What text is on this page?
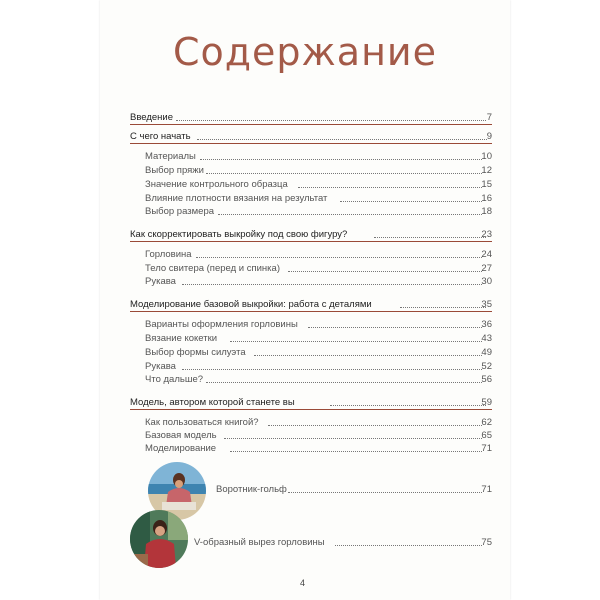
Содержание
Введение	7
С чего начать	9
Материалы	10
Выбор пряжи	12
Значение контрольного образца	15
Влияние плотности вязания на результат	16
Выбор размера	18
Как скорректировать выкройку под свою фигуру?	23
Горловина	24
Тело свитера (перед и спинка)	27
Рукава	30
Моделирование базовой выкройки: работа с деталями	35
Варианты оформления горловины	36
Вязание кокетки	43
Выбор формы силуэта	49
Рукава	52
Что дальше?	56
Модель, автором которой станете вы	59
Как пользоваться книгой?	62
Базовая модель	65
Моделирование	71
Воротник-гольф	71
V-образный вырез горловины	75
4
